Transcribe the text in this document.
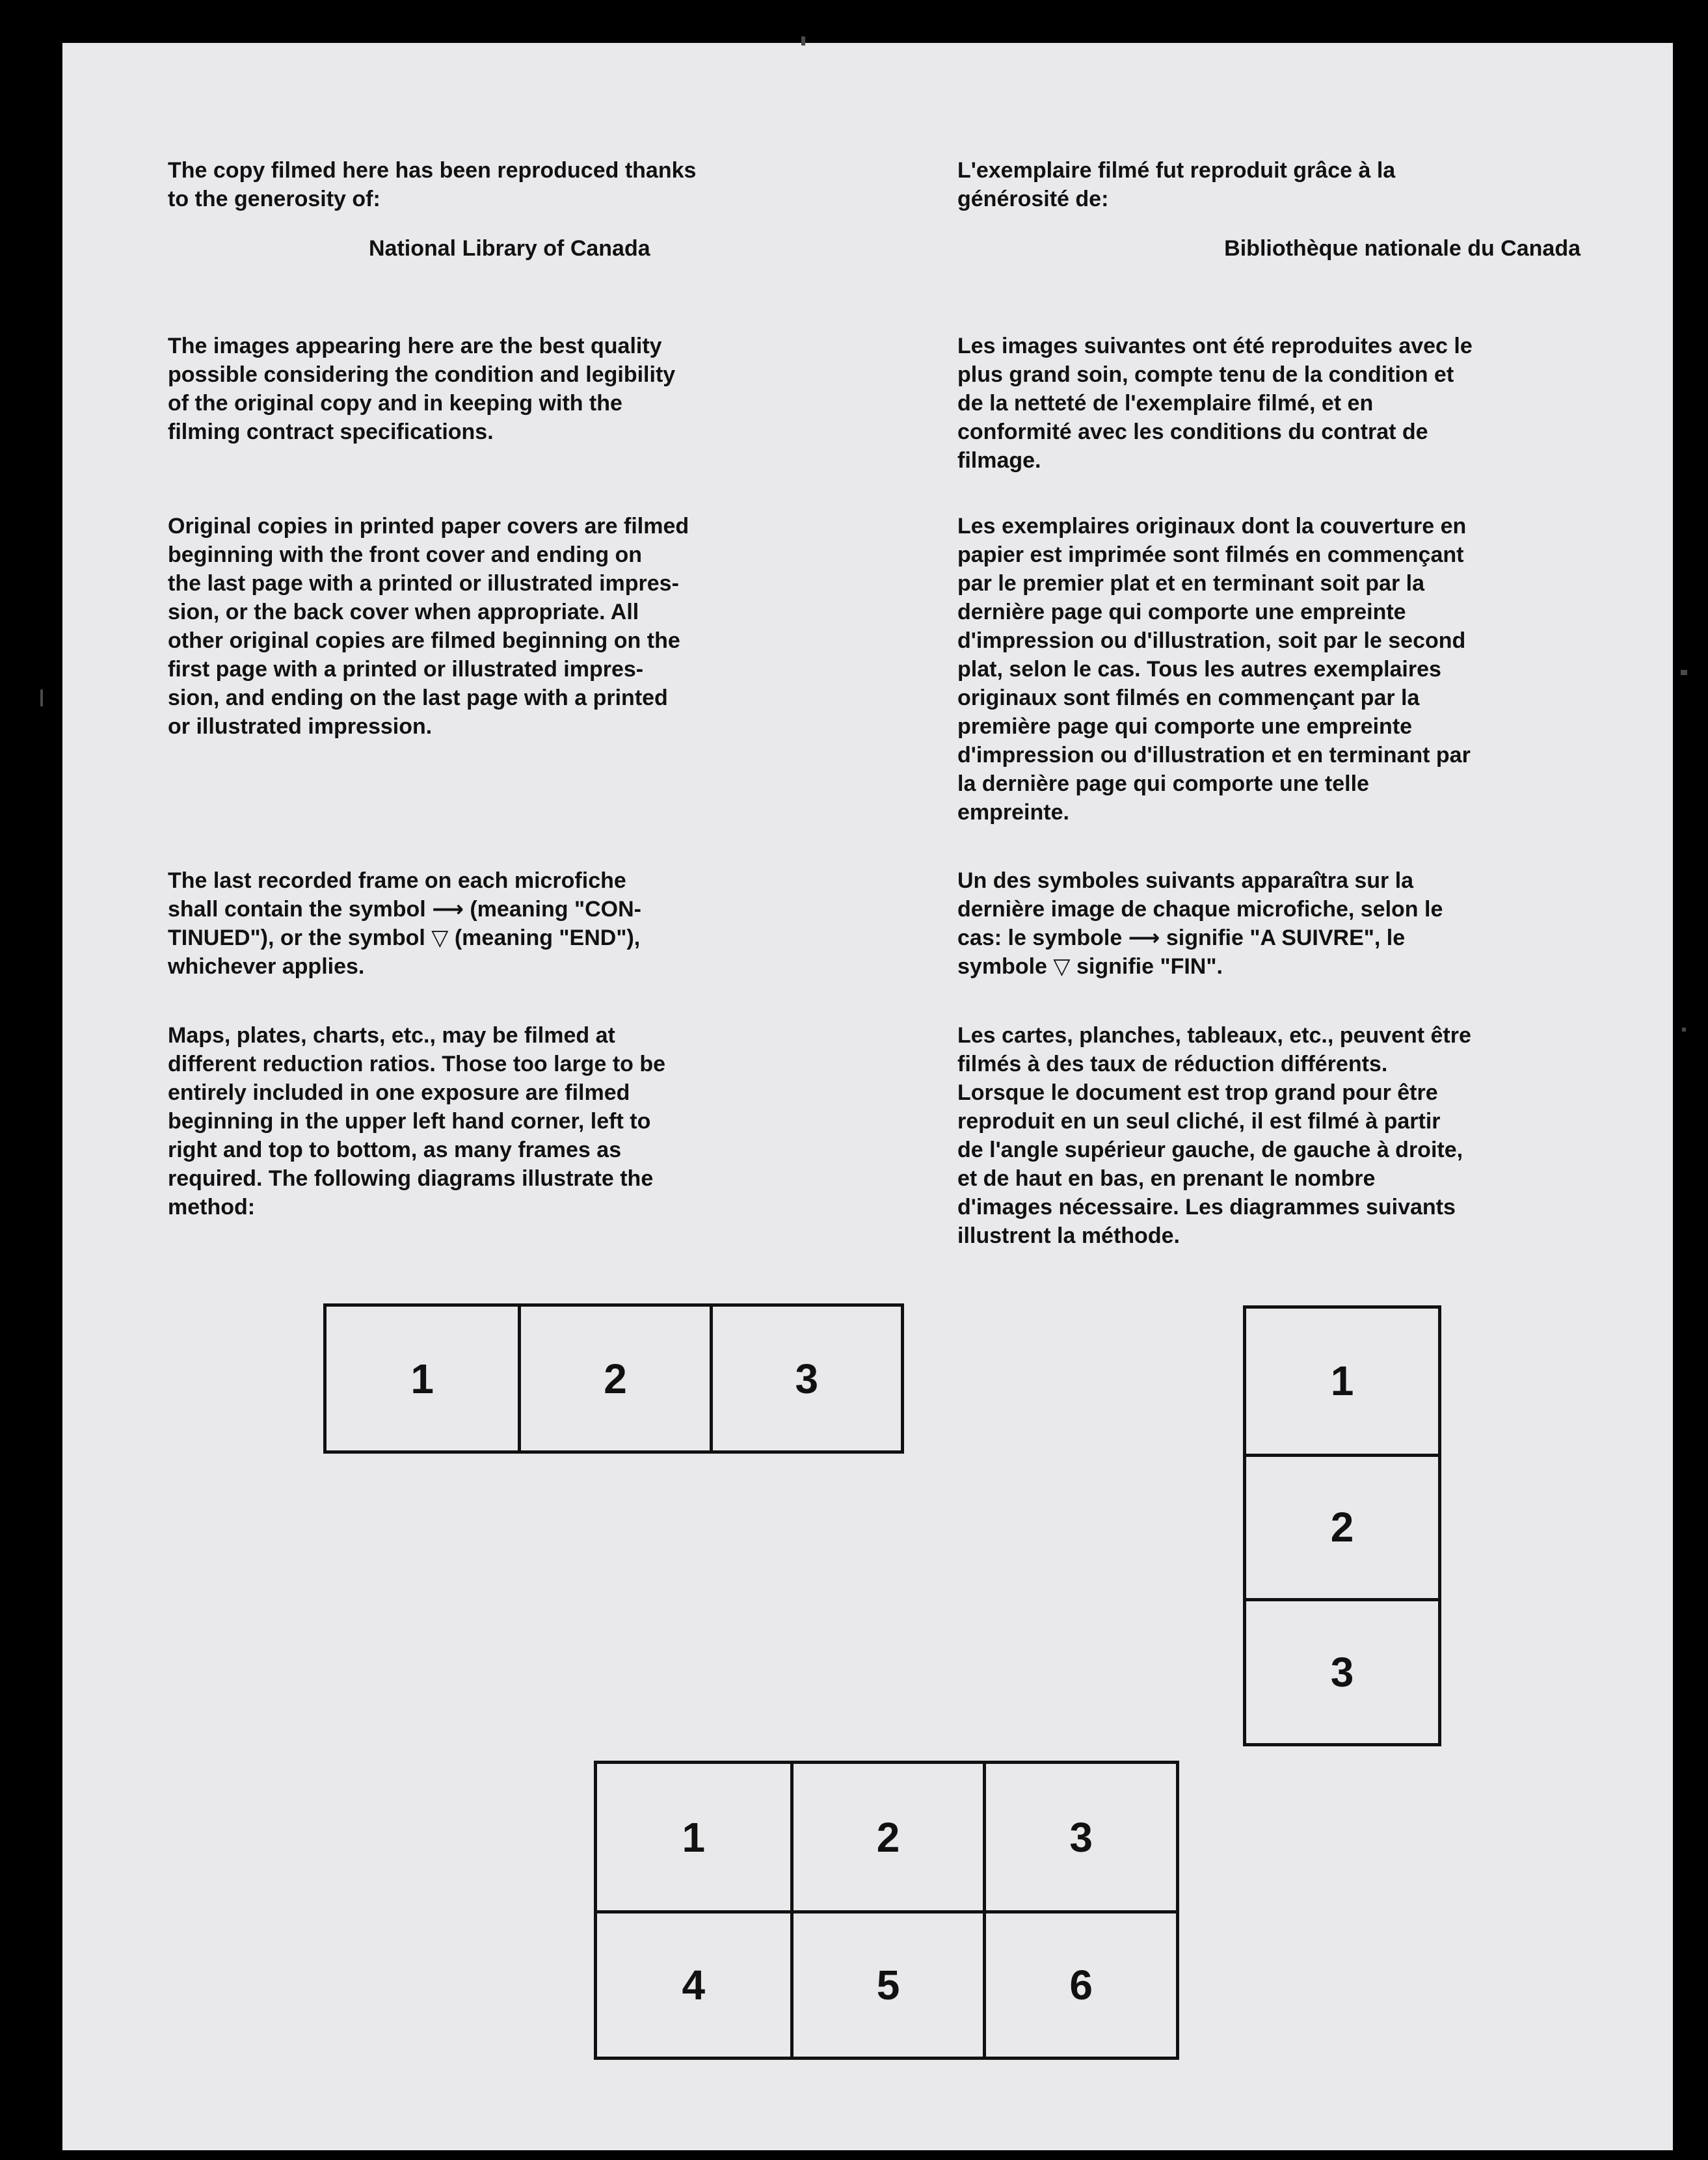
The copy filmed here has been reproduced thanks
to the generosity of:

National Library of Canada

The images appearing here are the best quality
possible considering the condition and legibility
of the original copy and in keeping with the
filming contract specifications.

Original copies in printed paper covers are filmed
beginning with the front cover and ending on
the last page with a printed or illustrated impres-
sion, or the back cover when appropriate. All
other original copies are filmed beginning on the
first page with a printed or illustrated impres-
sion, and ending on the last page with a printed
or illustrated impression.

The last recorded frame on each microfiche
shall contain the symbol ⟶ (meaning "CON-
TINUED"), or the symbol ▽ (meaning "END"),
whichever applies.

Maps, plates, charts, etc., may be filmed at
different reduction ratios. Those too large to be
entirely included in one exposure are filmed
beginning in the upper left hand corner, left to
right and top to bottom, as many frames as
required. The following diagrams illustrate the
method:

L'exemplaire filmé fut reproduit grâce à la
générosité de:

Bibliothèque nationale du Canada

Les images suivantes ont été reproduites avec le
plus grand soin, compte tenu de la condition et
de la netteté de l'exemplaire filmé, et en
conformité avec les conditions du contrat de
filmage.

Les exemplaires originaux dont la couverture en
papier est imprimée sont filmés en commençant
par le premier plat et en terminant soit par la
dernière page qui comporte une empreinte
d'impression ou d'illustration, soit par le second
plat, selon le cas. Tous les autres exemplaires
originaux sont filmés en commençant par la
première page qui comporte une empreinte
d'impression ou d'illustration et en terminant par
la dernière page qui comporte une telle
empreinte.

Un des symboles suivants apparaîtra sur la
dernière image de chaque microfiche, selon le
cas: le symbole ⟶ signifie "A SUIVRE", le
symbole ▽ signifie "FIN".

Les cartes, planches, tableaux, etc., peuvent être
filmés à des taux de réduction différents.
Lorsque le document est trop grand pour être
reproduit en un seul cliché, il est filmé à partir
de l'angle supérieur gauche, de gauche à droite,
et de haut en bas, en prenant le nombre
d'images nécessaire. Les diagrammes suivants
illustrent la méthode.

1	2	3	1
2
3
1	2	3
4	5	6
